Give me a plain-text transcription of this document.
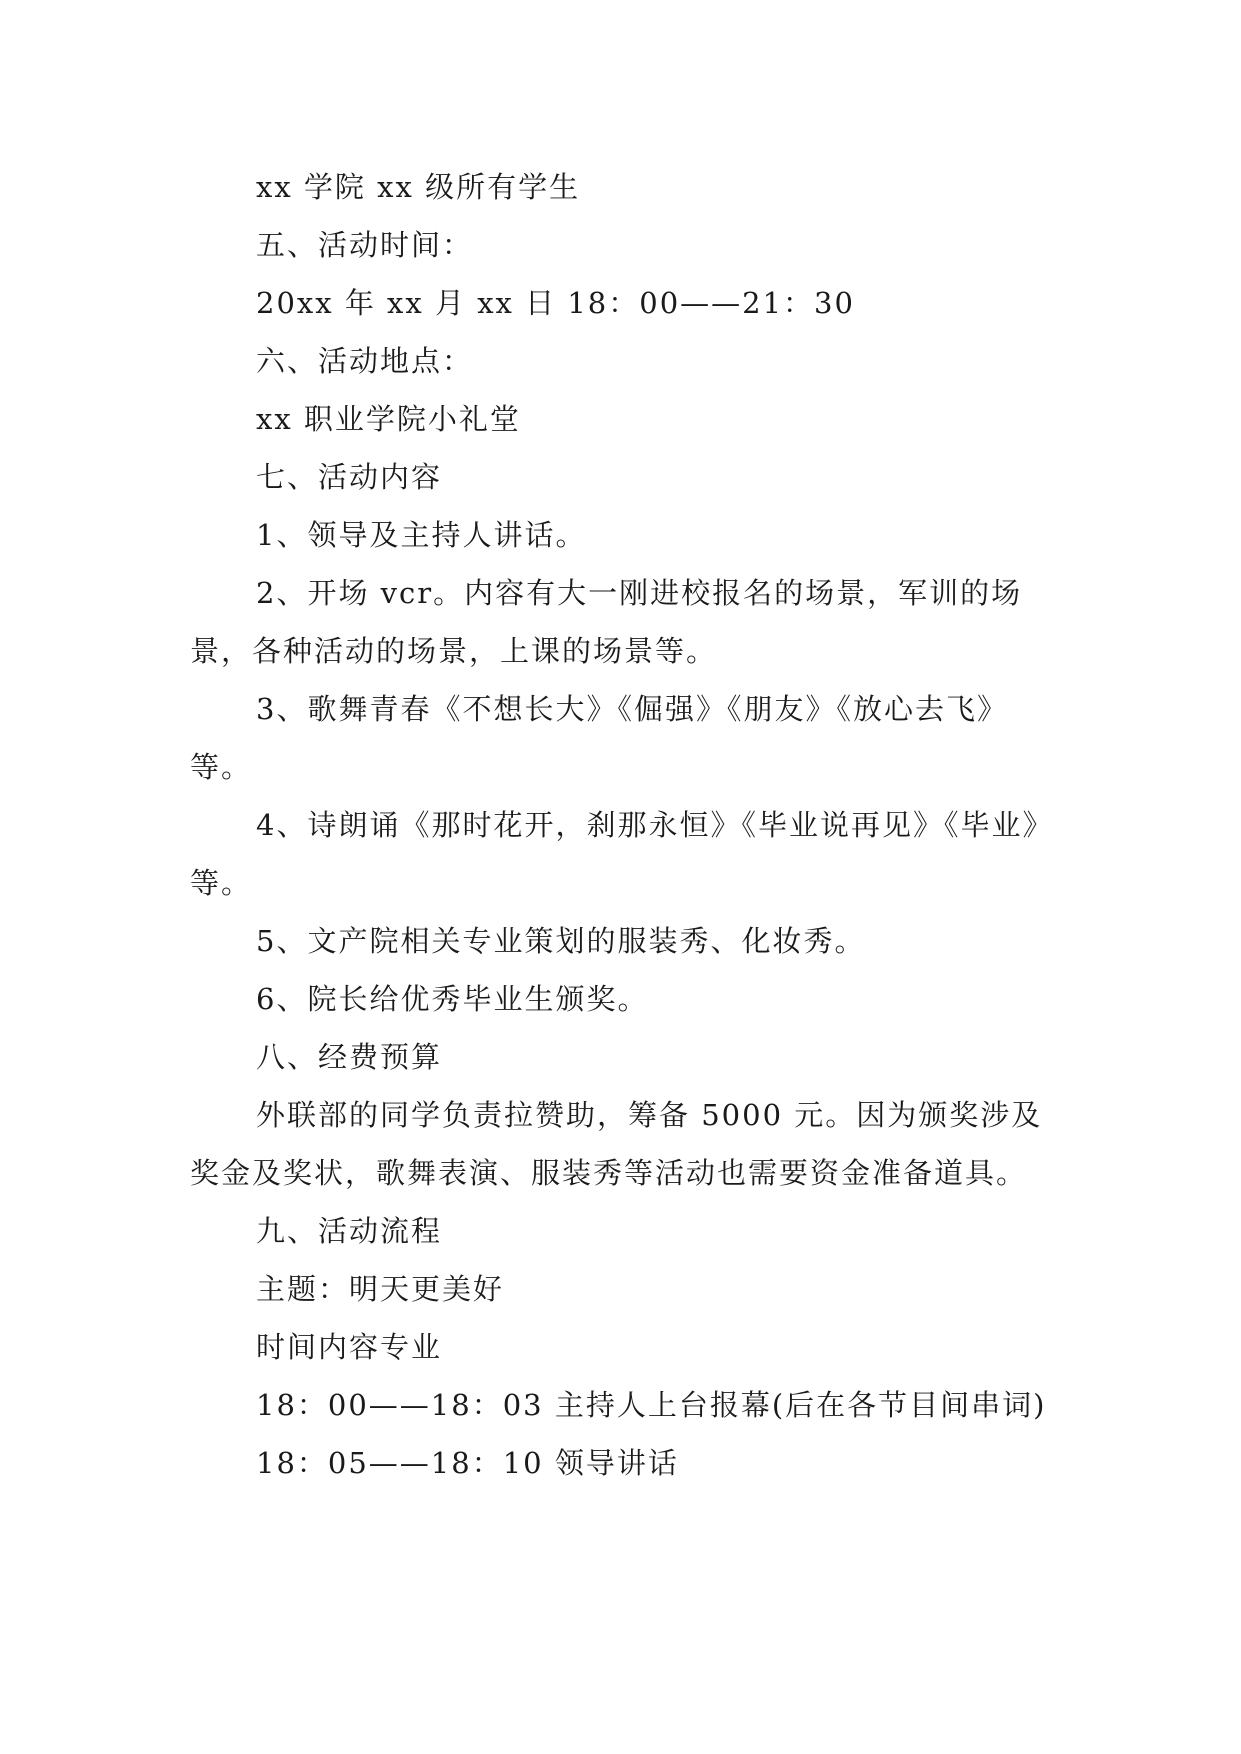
xx 学院 xx 级所有学生

五、活动时间：

20xx 年 xx 月 xx 日 18：00——21：30

六、活动地点：

xx 职业学院小礼堂

七、活动内容

1、领导及主持人讲话。

2、开场 vcr。内容有大一刚进校报名的场景，军训的场景，各种活动的场景，上课的场景等。

3、歌舞青春《不想长大》《倔强》《朋友》《放心去飞》等。

4、诗朗诵《那时花开，刹那永恒》《毕业说再见》《毕业》等。

5、文产院相关专业策划的服装秀、化妆秀。

6、院长给优秀毕业生颁奖。

八、经费预算

外联部的同学负责拉赞助，筹备 5000 元。因为颁奖涉及奖金及奖状，歌舞表演、服装秀等活动也需要资金准备道具。

九、活动流程

主题：明天更美好

时间内容专业

18：00——18：03 主持人上台报幕(后在各节目间串词)

18：05——18：10 领导讲话
